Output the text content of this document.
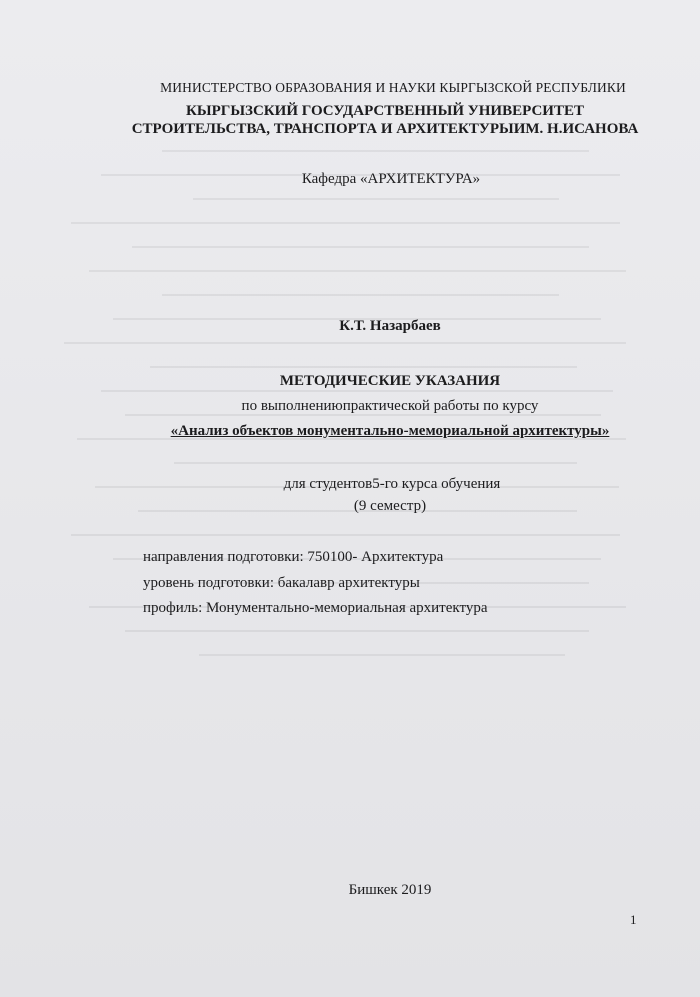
МИНИСТЕРСТВО ОБРАЗОВАНИЯ И НАУКИ КЫРГЫЗСКОЙ РЕСПУБЛИКИ
КЫРГЫЗСКИЙ ГОСУДАРСТВЕННЫЙ УНИВЕРСИТЕТ
СТРОИТЕЛЬСТВА, ТРАНСПОРТА И АРХИТЕКТУРЫИМ. Н.ИСАНОВА
Кафедра «АРХИТЕКТУРА»
К.Т. Назарбаев
МЕТОДИЧЕСКИЕ УКАЗАНИЯ
по выполнениюпрактической работы по курсу
«Анализ объектов монументально-мемориальной архитектуры»
для студентов5-го курса обучения
(9 семестр)
направления подготовки: 750100- Архитектура
уровень подготовки: бакалавр архитектуры
профиль: Монументально-мемориальная архитектура
Бишкек 2019
1
